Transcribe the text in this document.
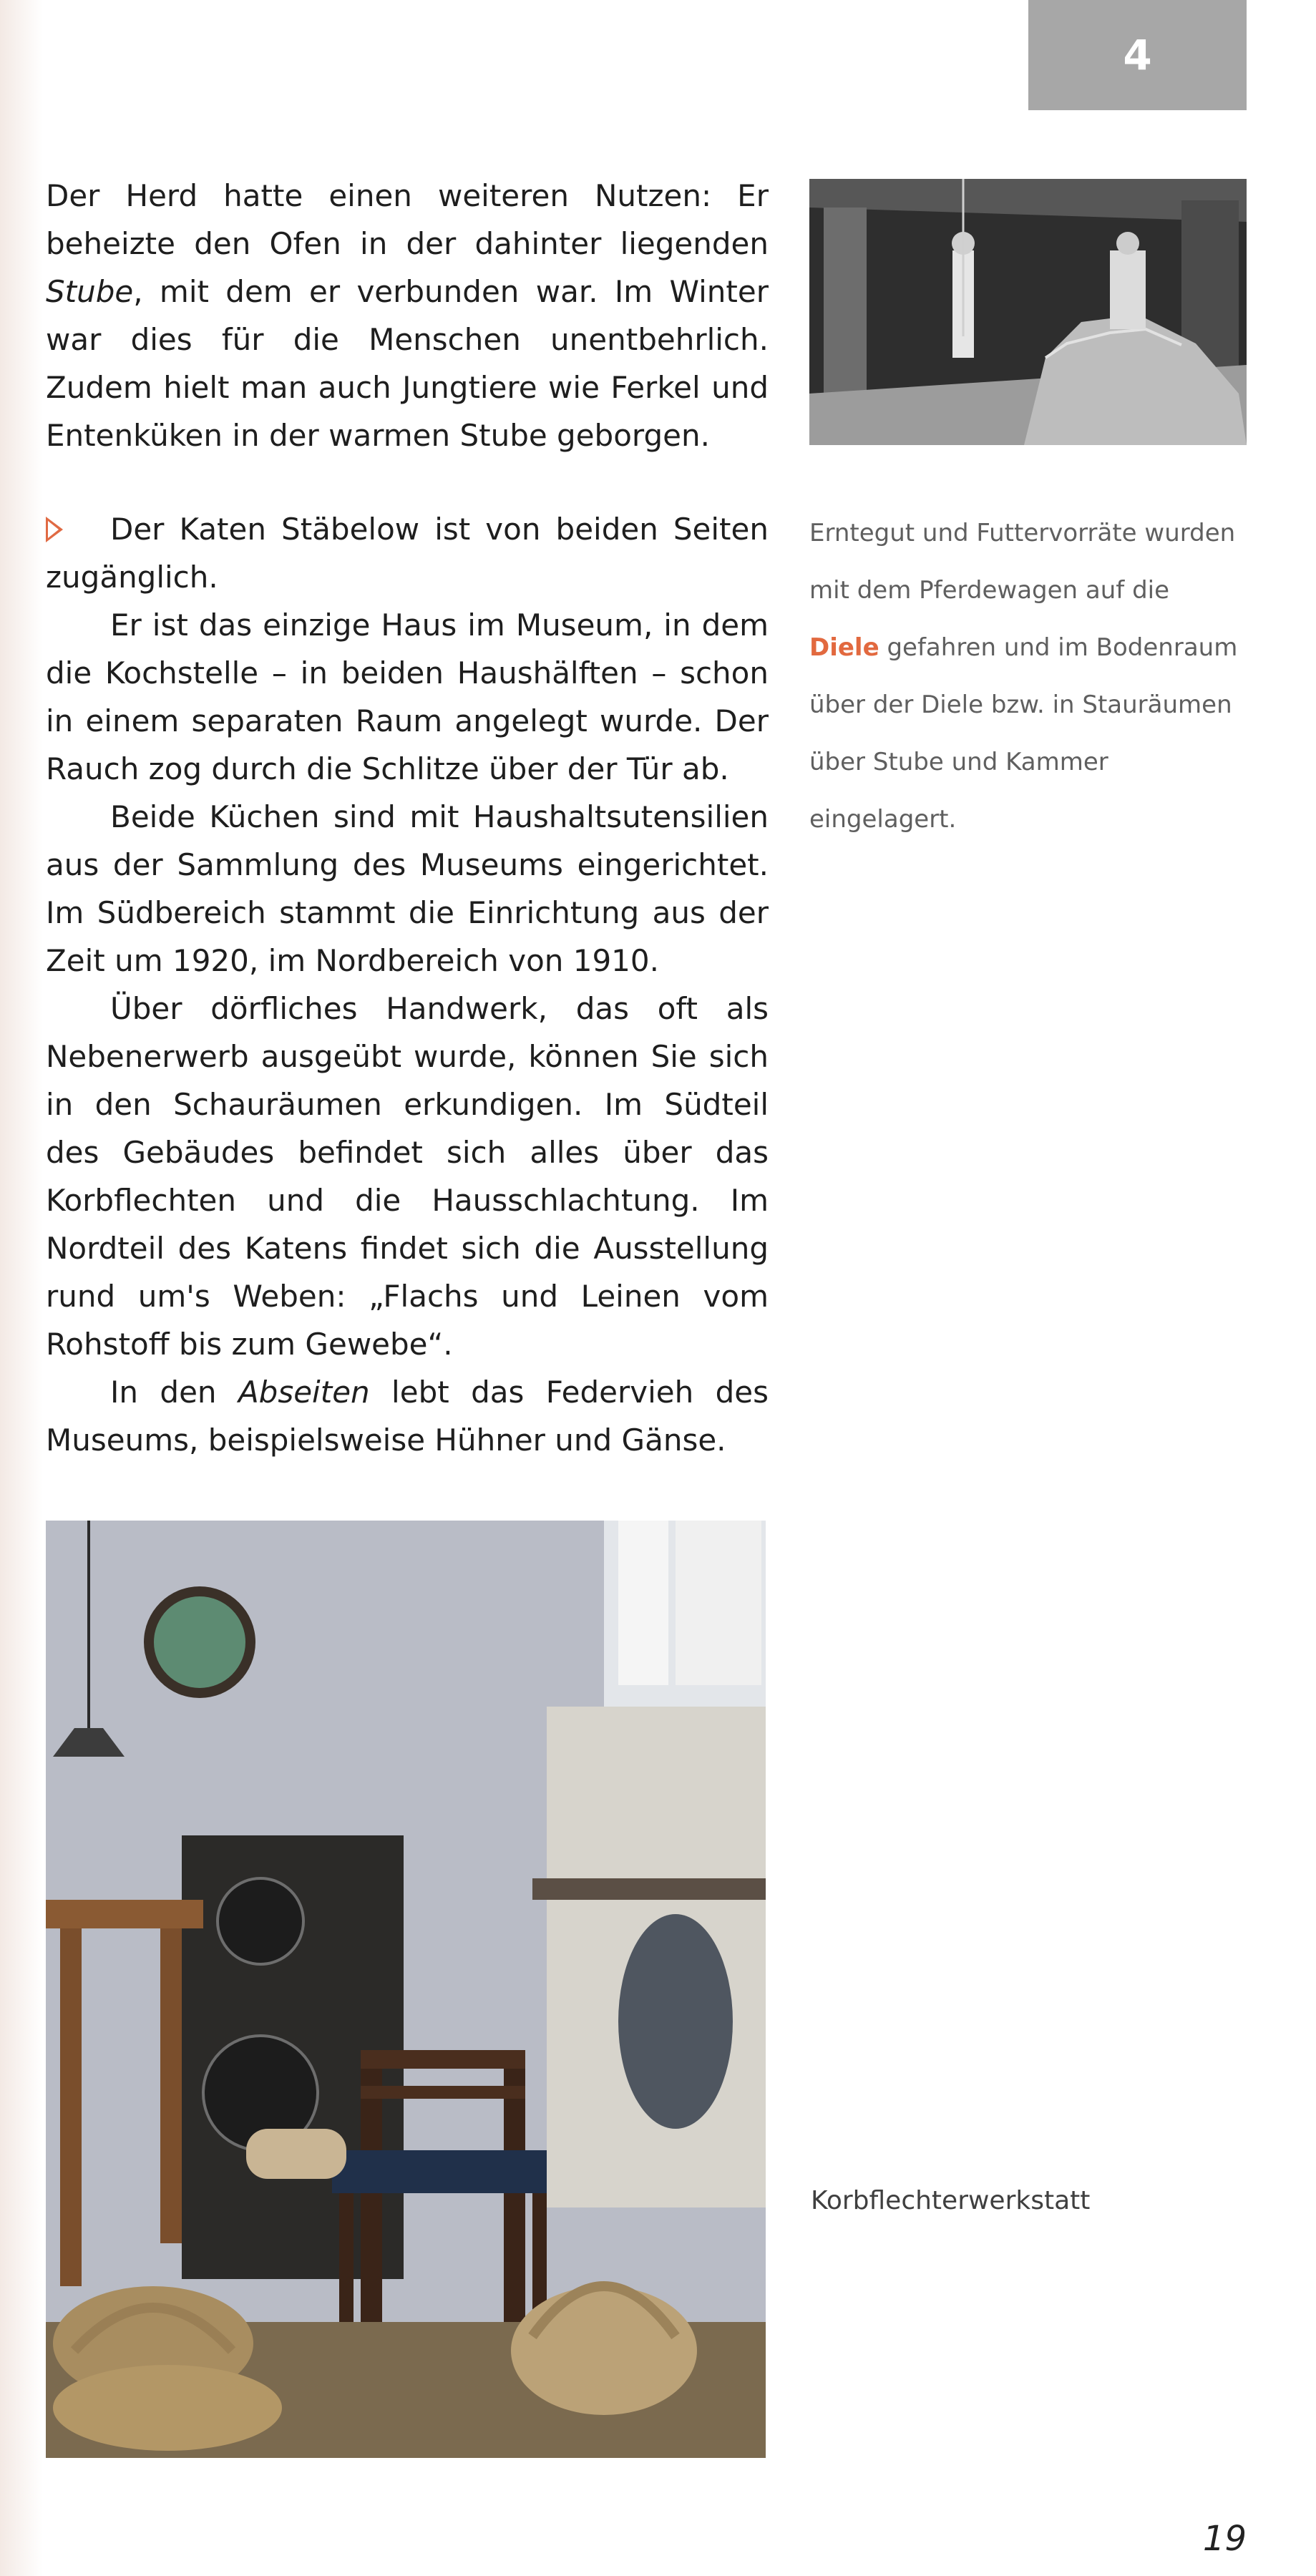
4

Der Herd hatte einen weiteren Nutzen: Er beheizte den Ofen in der dahinter liegenden Stube, mit dem er verbunden war. Im Winter war dies für die Menschen unentbehrlich. Zudem hielt man auch Jungtiere wie Ferkel und Entenküken in der warmen Stube geborgen.

Der Katen Stäbelow ist von beiden Seiten zugänglich.

Er ist das einzige Haus im Museum, in dem die Kochstelle – in beiden Haushälften – schon in einem separaten Raum angelegt wurde. Der Rauch zog durch die Schlitze über der Tür ab.

Beide Küchen sind mit Haushaltsutensilien aus der Sammlung des Museums eingerichtet. Im Südbereich stammt die Einrichtung aus der Zeit um 1920, im Nordbereich von 1910.

Über dörfliches Handwerk, das oft als Nebenerwerb ausgeübt wurde, können Sie sich in den Schauräumen erkundigen. Im Südteil des Gebäudes befindet sich alles über das Korbflechten und die Hausschlachtung. Im Nordteil des Katens findet sich die Ausstellung rund um's Weben: „Flachs und Leinen vom Rohstoff bis zum Gewebe“.

In den Abseiten lebt das Federvieh des Museums, beispielsweise Hühner und Gänse.

Erntegut und Futtervorräte wurden mit dem Pferdewagen auf die Diele gefahren und im Bodenraum über der Diele bzw. in Stauräumen über Stube und Kammer eingelagert.

Korbflechterwerkstatt

19
